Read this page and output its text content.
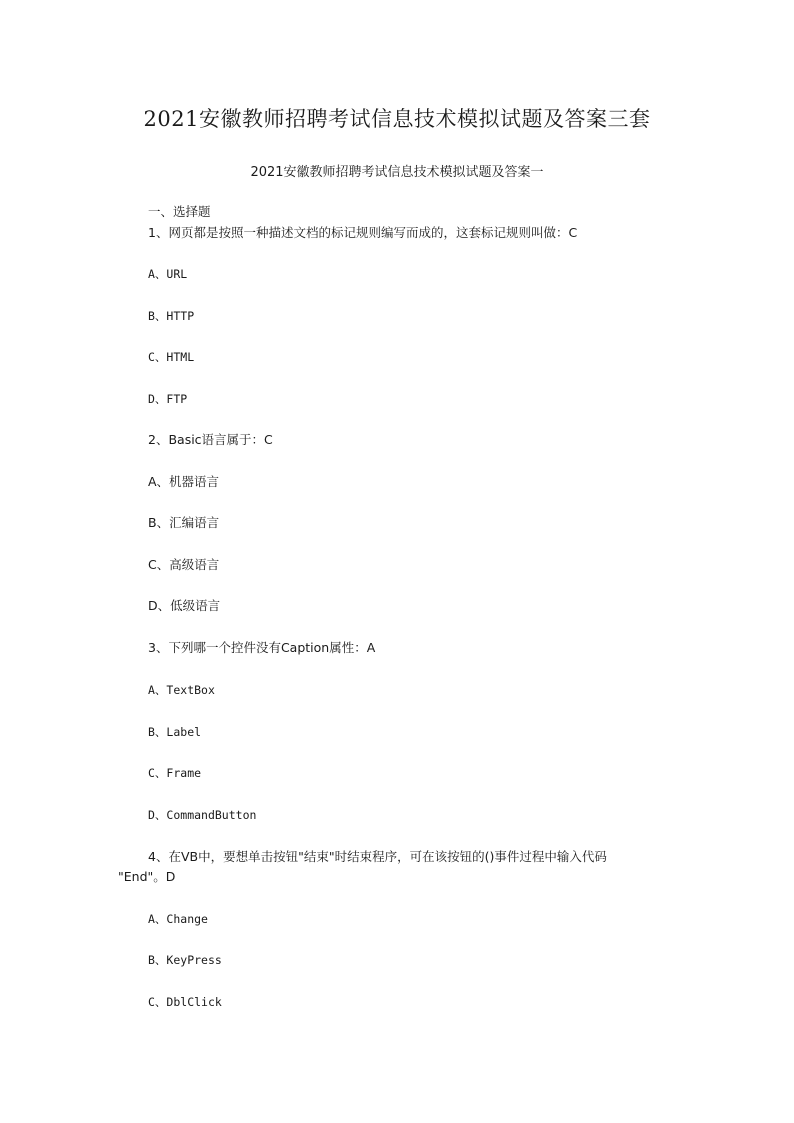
2021安徽教师招聘考试信息技术模拟试题及答案三套
2021安徽教师招聘考试信息技术模拟试题及答案一
一、选择题
1、网页都是按照一种描述文档的标记规则编写而成的，这套标记规则叫做：C
A、URL
B、HTTP
C、HTML
D、FTP
2、Basic语言属于：C
A、机器语言
B、汇编语言
C、高级语言
D、低级语言
3、下列哪一个控件没有Caption属性：A
A、TextBox
B、Label
C、Frame
D、CommandButton
4、在VB中，要想单击按钮"结束"时结束程序，可在该按钮的()事件过程中输入代码
"End"。D
A、Change
B、KeyPress
C、DblClick
